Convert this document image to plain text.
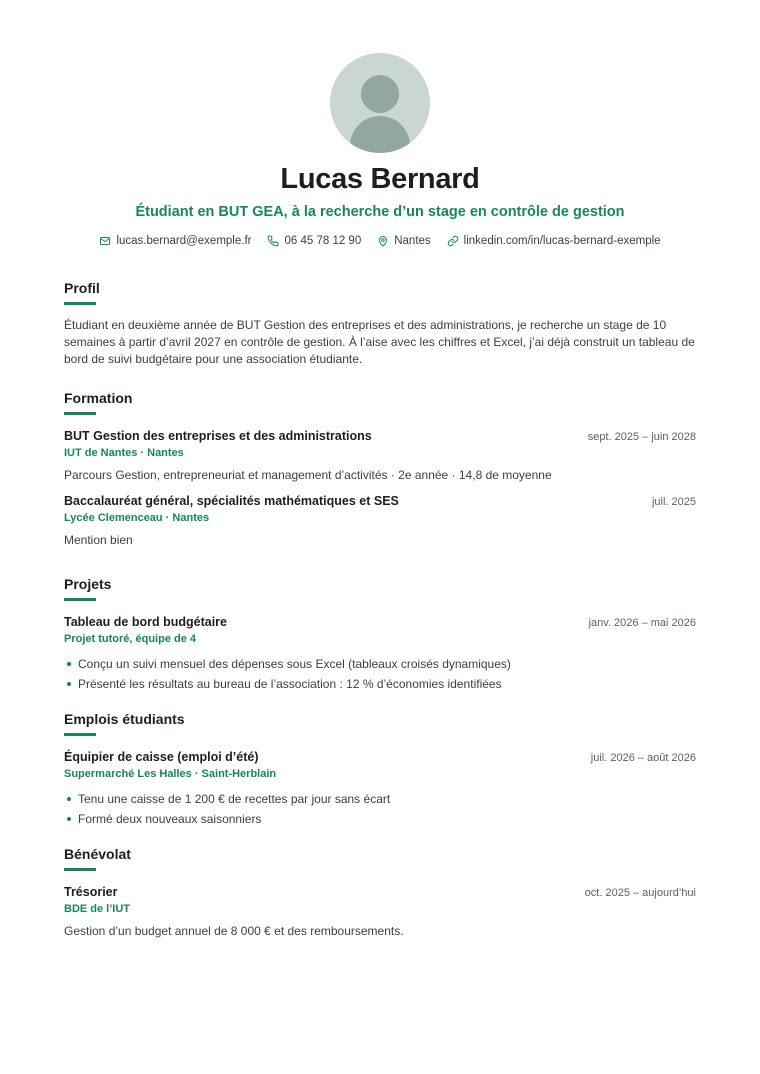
Lucas Bernard
Étudiant en BUT GEA, à la recherche d’un stage en contrôle de gestion
lucas.bernard@exemple.fr	06 45 78 12 90	Nantes	linkedin.com/in/lucas-bernard-exemple
Profil
Étudiant en deuxième année de BUT Gestion des entreprises et des administrations, je recherche un stage de 10 semaines à partir d’avril 2027 en contrôle de gestion. À l’aise avec les chiffres et Excel, j’ai déjà construit un tableau de bord de suivi budgétaire pour une association étudiante.
Formation
BUT Gestion des entreprises et des administrations	sept. 2025 – juin 2028
IUT de Nantes · Nantes
Parcours Gestion, entrepreneuriat et management d’activités · 2e année · 14,8 de moyenne
Baccalauréat général, spécialités mathématiques et SES	juil. 2025
Lycée Clemenceau · Nantes
Mention bien
Projets
Tableau de bord budgétaire	janv. 2026 – mai 2026
Projet tutoré, équipe de 4
Conçu un suivi mensuel des dépenses sous Excel (tableaux croisés dynamiques)
Présenté les résultats au bureau de l’association : 12 % d’économies identifiées
Emplois étudiants
Équipier de caisse (emploi d’été)	juil. 2026 – août 2026
Supermarché Les Halles · Saint-Herblain
Tenu une caisse de 1 200 € de recettes par jour sans écart
Formé deux nouveaux saisonniers
Bénévolat
Trésorier	oct. 2025 – aujourd’hui
BDE de l’IUT
Gestion d’un budget annuel de 8 000 € et des remboursements.
